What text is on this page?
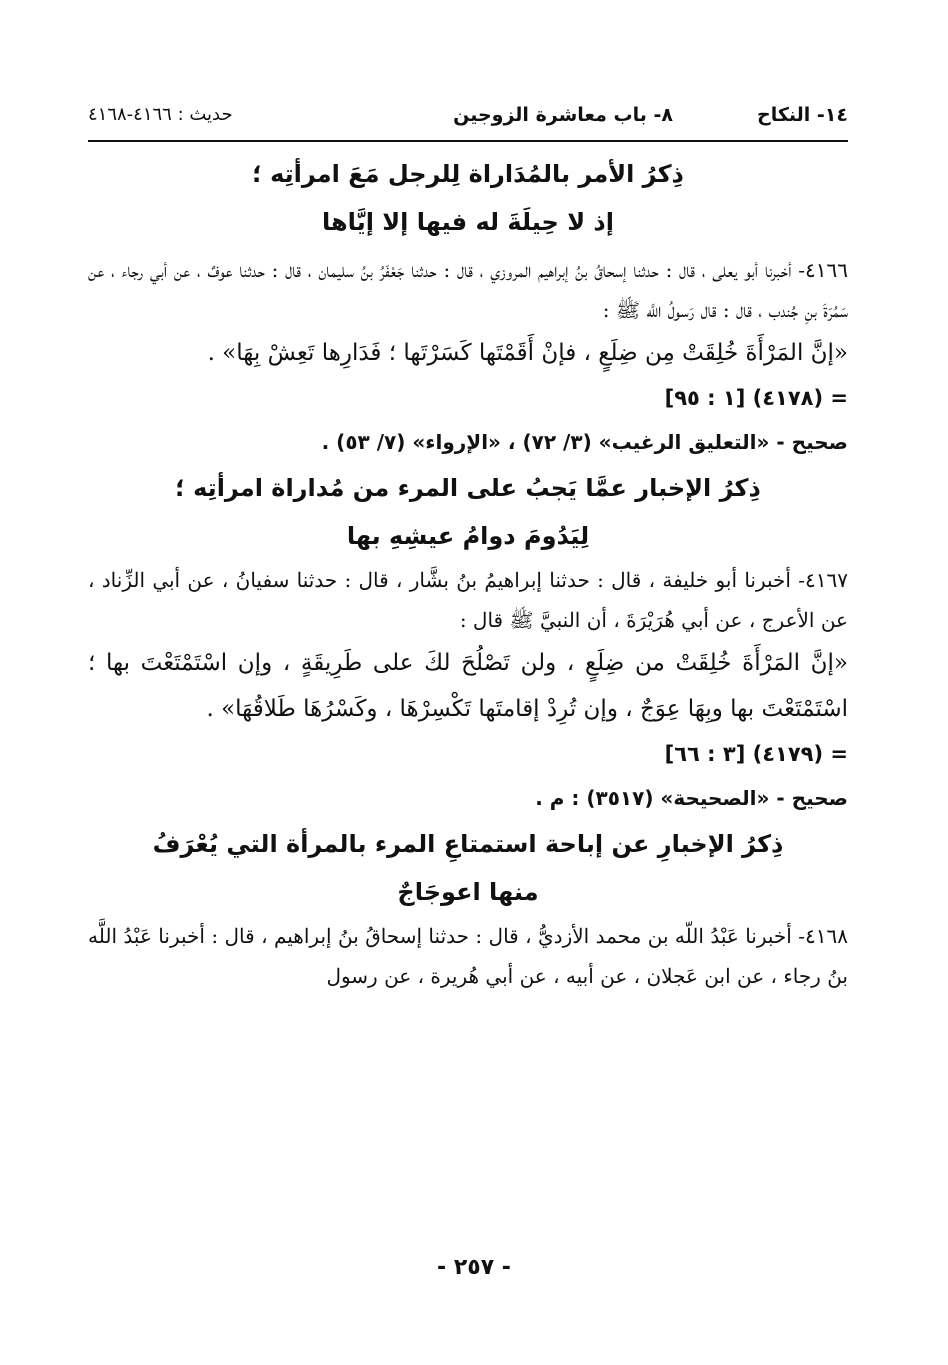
١٤- النكاح
٨- باب معاشرة الزوجين
حديث : ٤١٦٦-٤١٦٨
ذِكرُ الأمر بالمُدَاراة لِلرجل مَعَ امرأتِه ؛
إذ لا حِيلَةَ له فيها إلا إيَّاها
٤١٦٦- أخبرنا أبو يعلى ، قال : حدثنا إسحاقُ بنُ إبراهيم المروزي ، قال : حدثنا جَعْفَرُ بنُ سليمان ، قال : حدثنا عوفٌ ، عن أبي رجاء ، عن سَمُرَةَ بنِ جُندب ، قال : قال رَسولُ اللَّه ﷺ :
«إنَّ المَرْأَةَ خُلِقَتْ مِن ضِلَعٍ ، فإنْ أَقَمْتَها كَسَرْتَها ؛ فَدَارِها تَعِشْ بِهَا» .
= (٤١٧٨) [١ : ٩٥]
صحيح - «التعليق الرغيب» (٣/ ٧٢) ، «الإرواء» (٧/ ٥٣) .
ذِكرُ الإخبار عمَّا يَجبُ على المرء من مُداراة امرأتِه ؛
لِيَدُومَ دوامُ عيشِهِ بها
٤١٦٧- أخبرنا أبو خليفة ، قال : حدثنا إبراهيمُ بنُ بشَّار ، قال : حدثنا سفيانُ ، عن أبي الزِّناد ، عن الأعرج ، عن أبي هُرَيْرَةَ ، أن النبيَّ ﷺ قال :
«إنَّ المَرْأَةَ خُلِقَتْ من ضِلَعٍ ، ولن تَصْلُحَ لكَ على طَرِيقَةٍ ، وإن اسْتَمْتَعْتَ بها ؛ اسْتَمْتَعْتَ بها وبِهَا عِوَجٌ ، وإن تُرِدْ إقامتَها تَكْسِرْهَا ، وكَسْرُهَا طَلاقُهَا» .
= (٤١٧٩) [٣ : ٦٦]
صحيح - «الصحيحة» (٣٥١٧) : م .
ذِكرُ الإخبارِ عن إباحة استمتاعِ المرء بالمرأة التي يُعْرَفُ
منها اعوجَاجٌ
٤١٦٨- أخبرنا عَبْدُ اللّه بن محمد الأزديُّ ، قال : حدثنا إسحاقُ بنُ إبراهيم ، قال : أخبرنا عَبْدُ اللَّه بنُ رجاء ، عن ابن عَجلان ، عن أبيه ، عن أبي هُريرة ، عن رسول
- ٢٥٧ -
